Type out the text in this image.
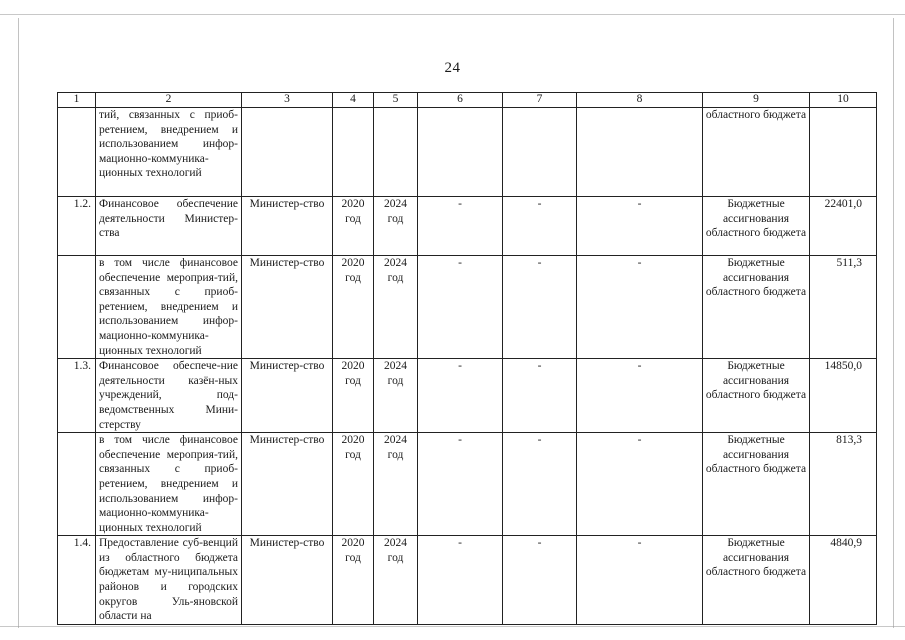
24
1	2	3	4	5	6	7	8	9	10
	тий, связанных с приоб-ретением, внедрением и использованием инфор-мационно-коммуника-ционных технологий							областного бюджета	
1.2.	Финансовое обеспечение деятельности Министер-ства	Министер-ство	2020 год	2024 год	-	-	-	Бюджетные ассигнования областного бюджета	22401,0
	в том числе финансовое обеспечение мероприя-тий, связанных с приоб-ретением, внедрением и использованием инфор-мационно-коммуника-ционных технологий	Министер-ство	2020 год	2024 год	-	-	-	Бюджетные ассигнования областного бюджета	511,3
1.3.	Финансовое обеспече-ние деятельности казён-ных учреждений, под-ведомственных Мини-стерству	Министер-ство	2020 год	2024 год	-	-	-	Бюджетные ассигнования областного бюджета	14850,0
	в том числе финансовое обеспечение мероприя-тий, связанных с приоб-ретением, внедрением и использованием инфор-мационно-коммуника-ционных технологий	Министер-ство	2020 год	2024 год	-	-	-	Бюджетные ассигнования областного бюджета	813,3
1.4.	Предоставление суб-венций из областного бюджета бюджетам му-ниципальных районов и городских округов Уль-яновской области на	Министер-ство	2020 год	2024 год	-	-	-	Бюджетные ассигнования областного бюджета	4840,9
